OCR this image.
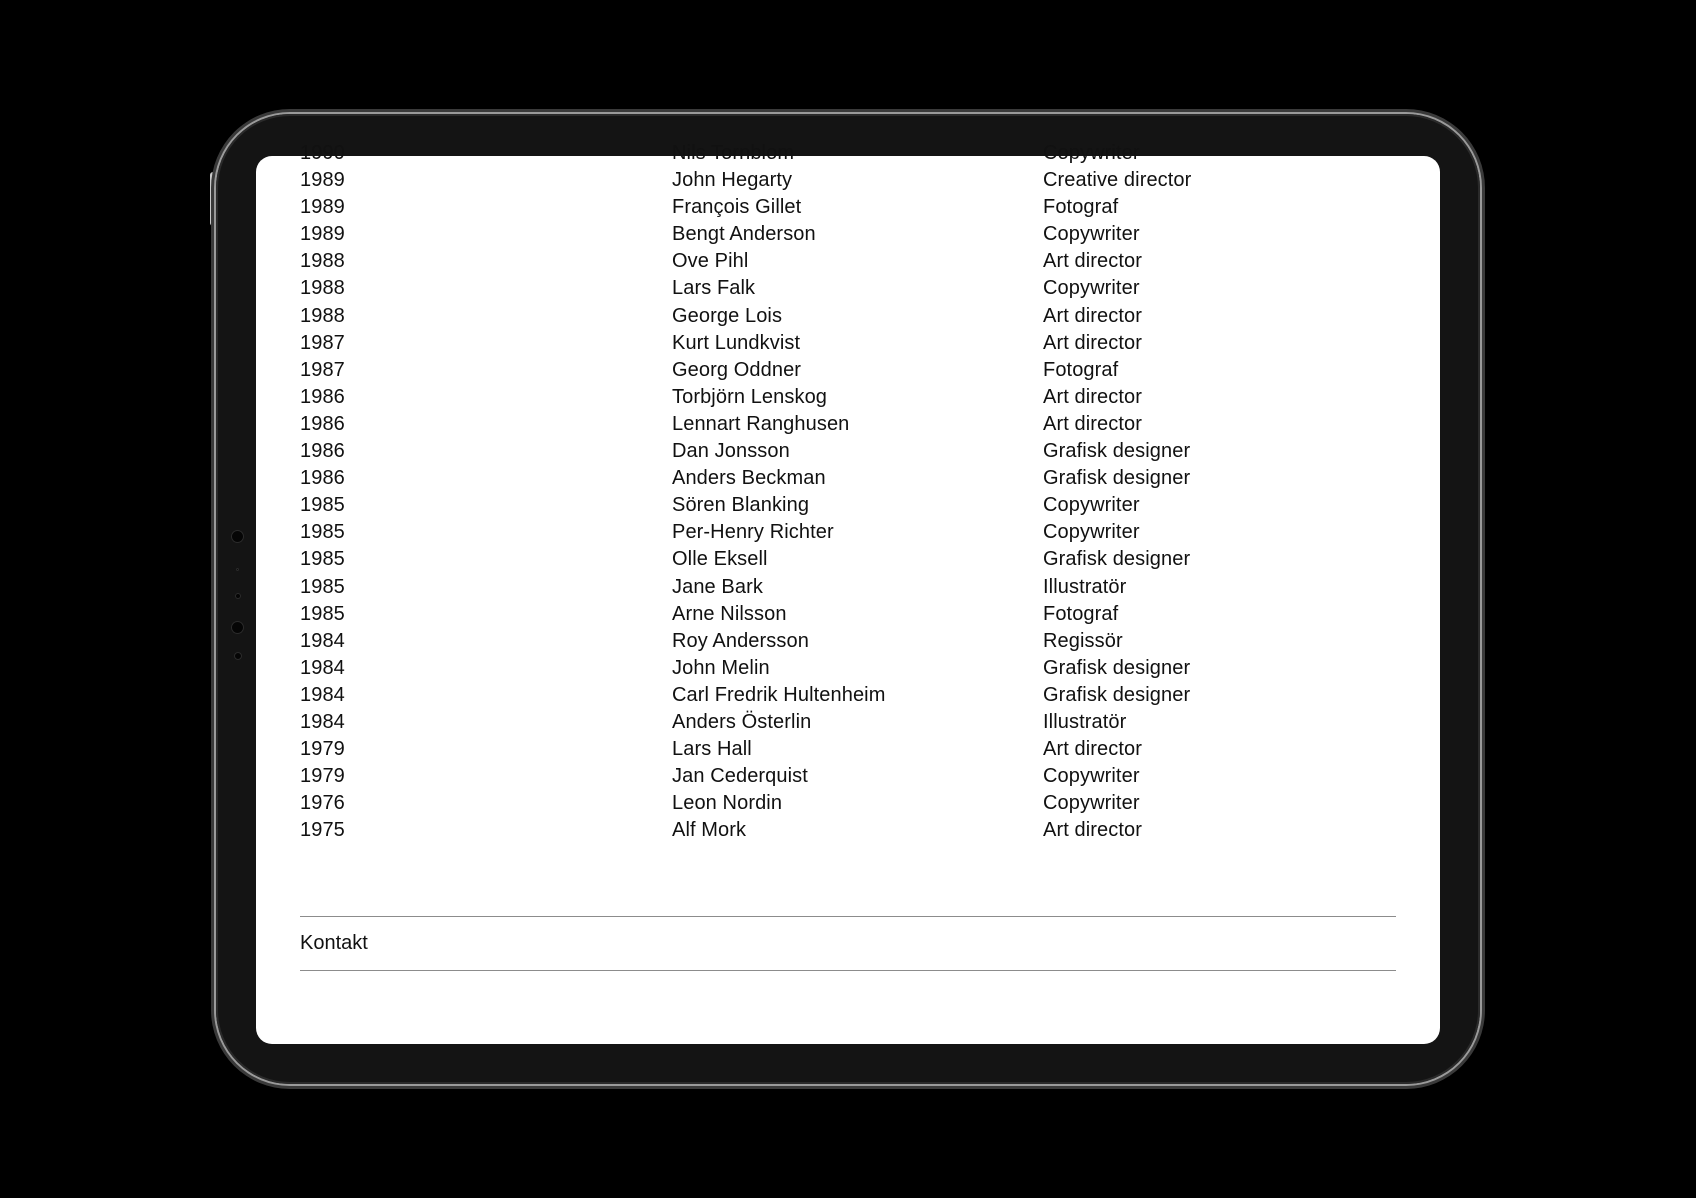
1990	Nils Tornblom	Copywriter
1989	John Hegarty	Creative director
1989	François Gillet	Fotograf
1989	Bengt Anderson	Copywriter
1988	Ove Pihl	Art director
1988	Lars Falk	Copywriter
1988	George Lois	Art director
1987	Kurt Lundkvist	Art director
1987	Georg Oddner	Fotograf
1986	Torbjörn Lenskog	Art director
1986	Lennart Ranghusen	Art director
1986	Dan Jonsson	Grafisk designer
1986	Anders Beckman	Grafisk designer
1985	Sören Blanking	Copywriter
1985	Per-Henry Richter	Copywriter
1985	Olle Eksell	Grafisk designer
1985	Jane Bark	Illustratör
1985	Arne Nilsson	Fotograf
1984	Roy Andersson	Regissör
1984	John Melin	Grafisk designer
1984	Carl Fredrik Hultenheim	Grafisk designer
1984	Anders Österlin	Illustratör
1979	Lars Hall	Art director
1979	Jan Cederquist	Copywriter
1976	Leon Nordin	Copywriter
1975	Alf Mork	Art director
Kontakt
